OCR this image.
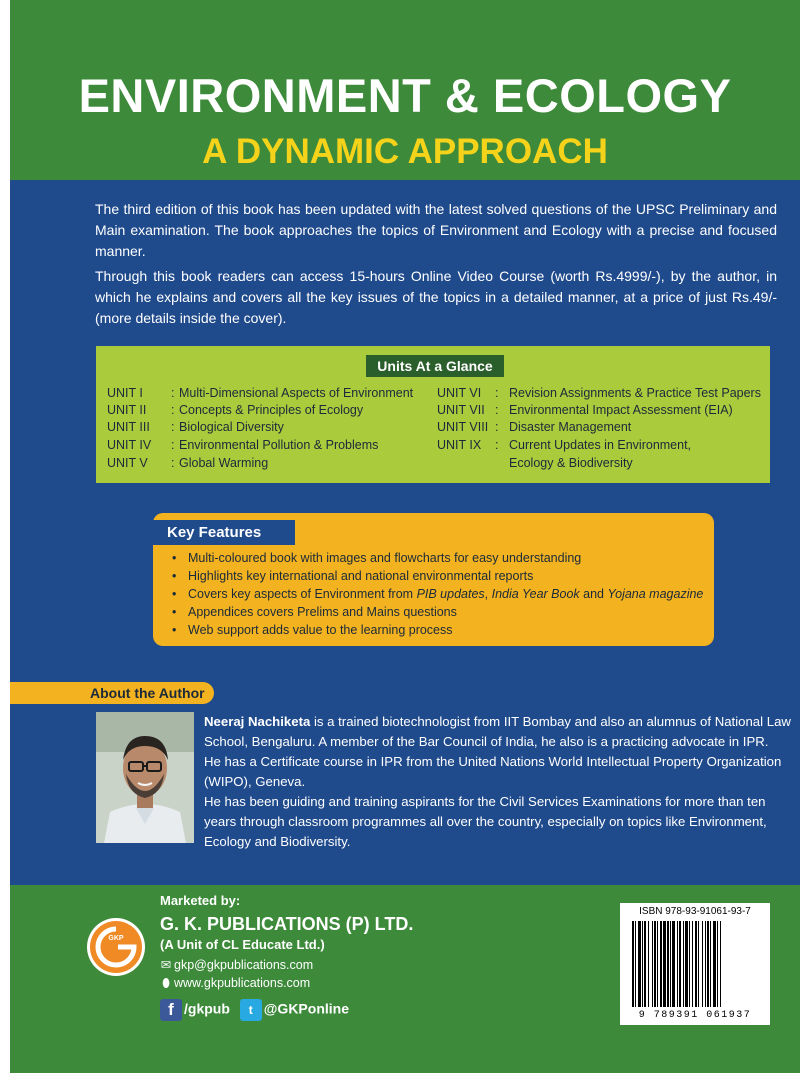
ENVIRONMENT & ECOLOGY
A DYNAMIC APPROACH

The third edition of this book has been updated with the latest solved questions of the UPSC Preliminary and Main examination. The book approaches the topics of Environment and Ecology with a precise and focused manner.

Through this book readers can access 15-hours Online Video Course (worth Rs.4999/-), by the author, in which he explains and covers all the key issues of the topics in a detailed manner, at a price of just Rs.49/- (more details inside the cover).

Units At a Glance
UNIT I : Multi-Dimensional Aspects of Environment
UNIT II : Concepts & Principles of Ecology
UNIT III : Biological Diversity
UNIT IV : Environmental Pollution & Problems
UNIT V : Global Warming
UNIT VI : Revision Assignments & Practice Test Papers
UNIT VII : Environmental Impact Assessment (EIA)
UNIT VIII : Disaster Management
UNIT IX : Current Updates in Environment,
Ecology & Biodiversity
Key Features
• Multi-coloured book with images and flowcharts for easy understanding
• Highlights key international and national environmental reports
• Covers key aspects of Environment from PIB updates, India Year Book and Yojana magazine
• Appendices covers Prelims and Mains questions
• Web support adds value to the learning process
About the Author
Neeraj Nachiketa is a trained biotechnologist from IIT Bombay and also an alumnus of National Law
School, Bengaluru. A member of the Bar Council of India, he also is a practicing advocate in IPR.
He has a Certificate course in IPR from the United Nations World Intellectual Property Organization
(WIPO), Geneva.
He has been guiding and training aspirants for the Civil Services Examinations for more than ten
years through classroom programmes all over the country, especially on topics like Environment,
Ecology and Biodiversity.
GKP
Marketed by:
G. K. PUBLICATIONS (P) LTD.
(A Unit of CL Educate Ltd.)
✉ gkp@gkpublications.com
⬮ www.gkpublications.com
f /gkpub t @GKPonline
ISBN 978-93-91061-93-7
9 789391 061937
